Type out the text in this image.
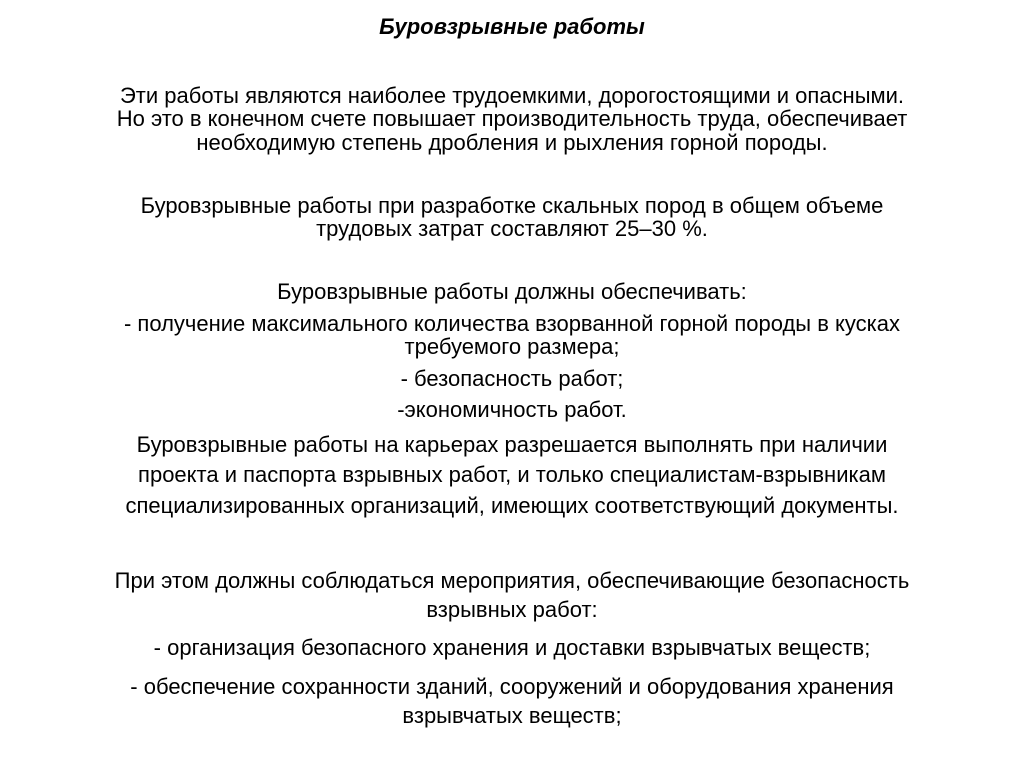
Буровзрывные работы
Эти работы являются наиболее трудоемкими, дорогостоящими и опасными.
Но это в конечном счете повышает производительность труда, обеспечивает
необходимую степень дробления и рыхления горной породы.
Буровзрывные работы при разработке скальных пород в общем объеме
трудовых затрат составляют 25–30 %.
Буровзрывные работы должны обеспечивать:
- получение максимального количества взорванной горной породы в кусках
требуемого размера;
- безопасность работ;
-экономичность работ.
Буровзрывные работы на карьерах разрешается выполнять при наличии
проекта и паспорта взрывных работ, и только специалистам-взрывникам
специализированных организаций, имеющих соответствующий документы.
При этом должны соблюдаться мероприятия, обеспечивающие безопасность
взрывных работ:
- организация безопасного хранения и доставки взрывчатых веществ;
- обеспечение сохранности зданий, сооружений и оборудования хранения
взрывчатых веществ;
